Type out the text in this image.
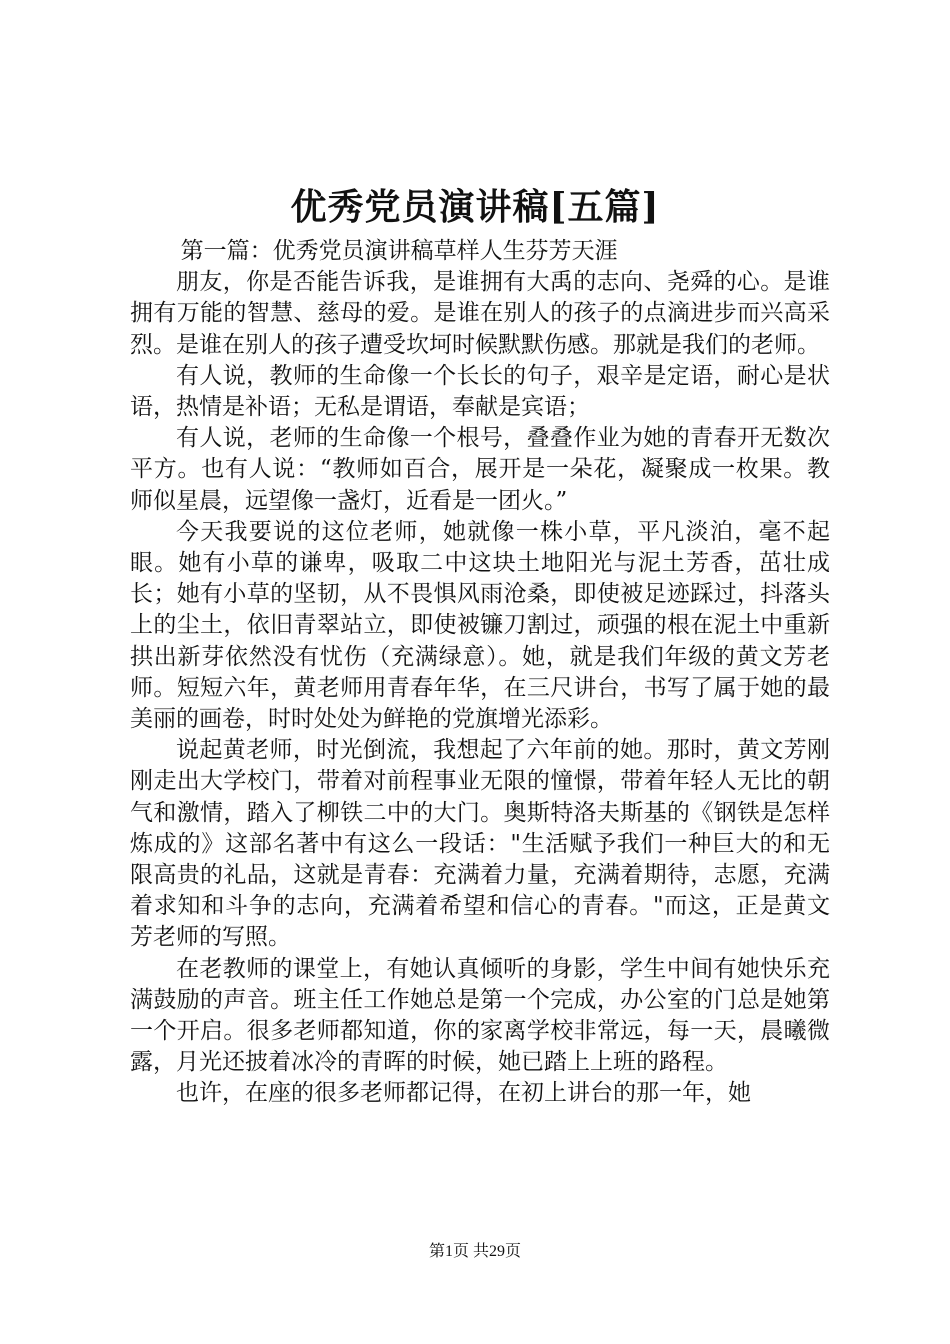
优秀党员演讲稿[五篇]

第一篇：优秀党员演讲稿草样人生芬芳天涯

朋友，你是否能告诉我，是谁拥有大禹的志向、尧舜的心。是谁拥有万能的智慧、慈母的爱。是谁在别人的孩子的点滴进步而兴高采烈。是谁在别人的孩子遭受坎坷时候默默伤感。那就是我们的老师。

有人说，教师的生命像一个长长的句子，艰辛是定语，耐心是状语，热情是补语；无私是谓语，奉献是宾语；

有人说，老师的生命像一个根号，叠叠作业为她的青春开无数次平方。也有人说：“教师如百合，展开是一朵花，凝聚成一枚果。教师似星晨，远望像一盏灯，近看是一团火。”

今天我要说的这位老师，她就像一株小草，平凡淡泊，毫不起眼。她有小草的谦卑，吸取二中这块土地阳光与泥土芳香，茁壮成长；她有小草的坚韧，从不畏惧风雨沧桑，即使被足迹踩过，抖落头上的尘土，依旧青翠站立，即使被镰刀割过，顽强的根在泥土中重新拱出新芽依然没有忧伤（充满绿意）。她，就是我们年级的黄文芳老师。短短六年，黄老师用青春年华，在三尺讲台，书写了属于她的最美丽的画卷，时时处处为鲜艳的党旗增光添彩。

说起黄老师，时光倒流，我想起了六年前的她。那时，黄文芳刚刚走出大学校门，带着对前程事业无限的憧憬，带着年轻人无比的朝气和激情，踏入了柳铁二中的大门。奥斯特洛夫斯基的《钢铁是怎样炼成的》这部名著中有这么一段话："生活赋予我们一种巨大的和无限高贵的礼品，这就是青春：充满着力量，充满着期待，志愿，充满着求知和斗争的志向，充满着希望和信心的青春。"而这，正是黄文芳老师的写照。

在老教师的课堂上，有她认真倾听的身影，学生中间有她快乐充满鼓励的声音。班主任工作她总是第一个完成，办公室的门总是她第一个开启。很多老师都知道，你的家离学校非常远，每一天，晨曦微露，月光还披着冰冷的青晖的时候，她已踏上上班的路程。

也许，在座的很多老师都记得，在初上讲台的那一年，她

第1页 共29页
